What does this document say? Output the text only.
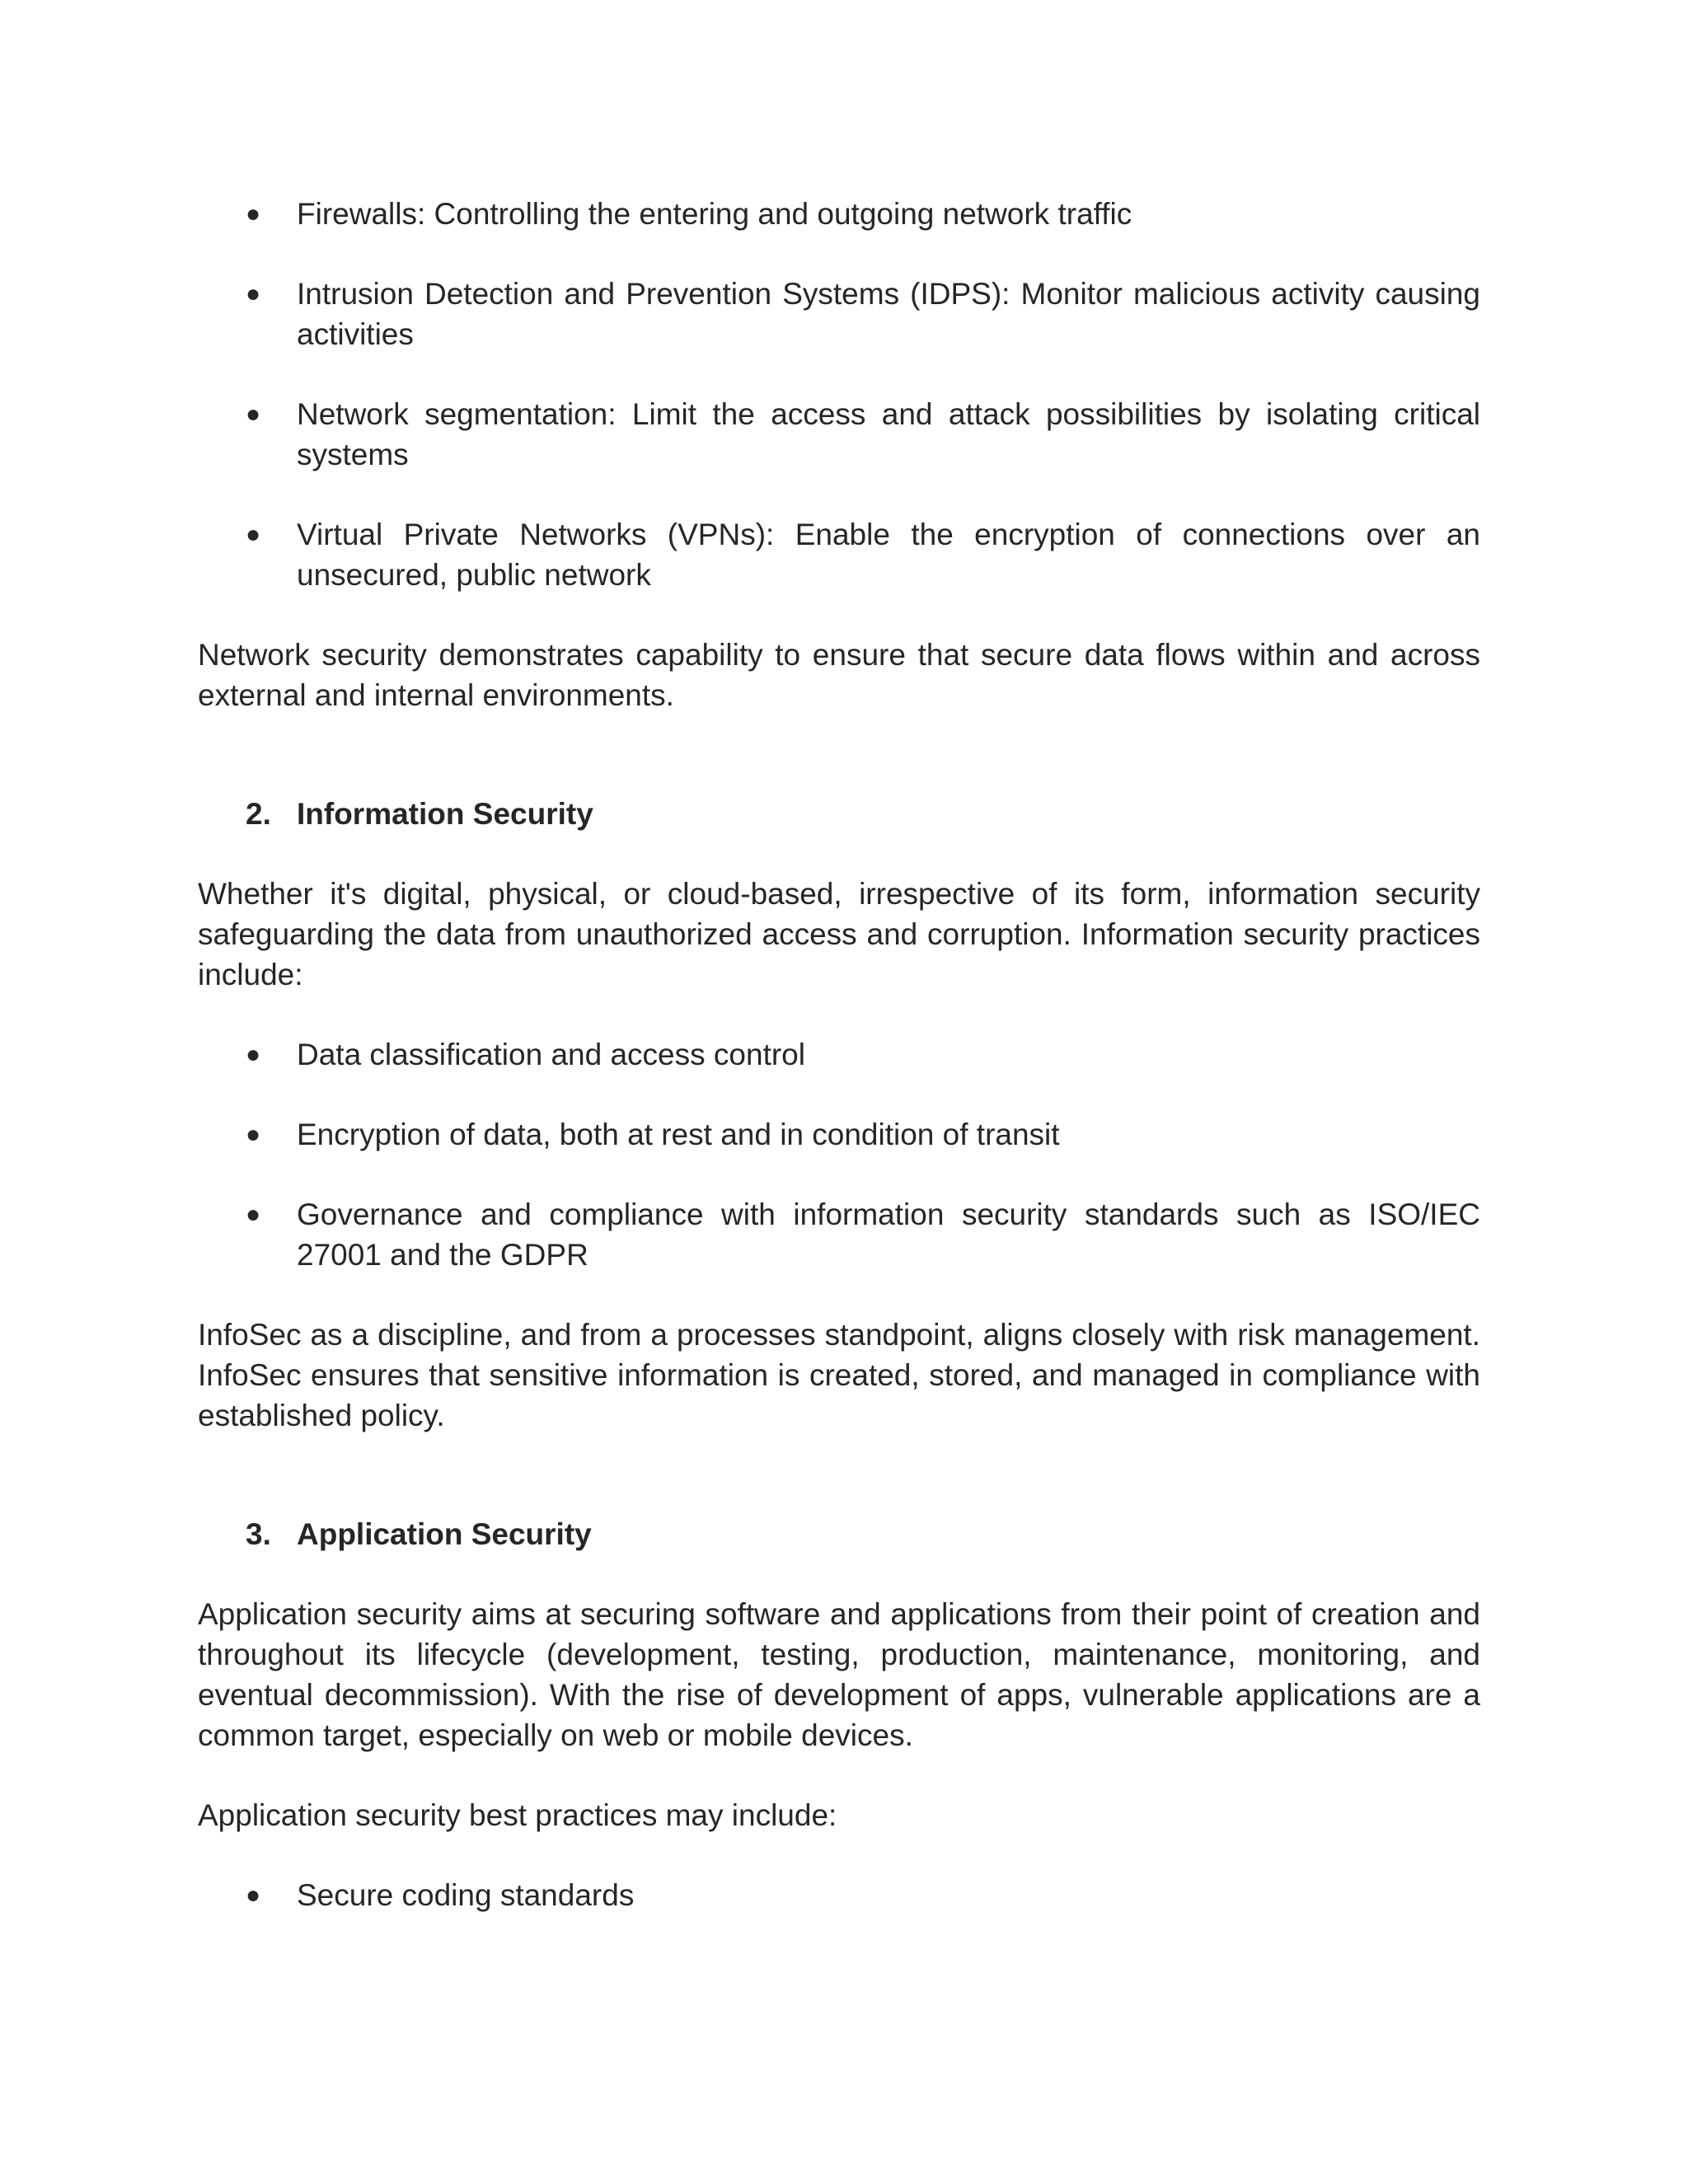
● Firewalls: Controlling the entering and outgoing network traffic
● Intrusion Detection and Prevention Systems (IDPS): Monitor malicious activity causing activities
● Network segmentation: Limit the access and attack possibilities by isolating critical systems
● Virtual Private Networks (VPNs): Enable the encryption of connections over an unsecured, public network

Network security demonstrates capability to ensure that secure data flows within and across external and internal environments.

2. Information Security

Whether it's digital, physical, or cloud-based, irrespective of its form, information security safeguarding the data from unauthorized access and corruption. Information security practices include:

● Data classification and access control
● Encryption of data, both at rest and in condition of transit
● Governance and compliance with information security standards such as ISO/IEC 27001 and the GDPR

InfoSec as a discipline, and from a processes standpoint, aligns closely with risk management. InfoSec ensures that sensitive information is created, stored, and managed in compliance with established policy.

3. Application Security

Application security aims at securing software and applications from their point of creation and throughout its lifecycle (development, testing, production, maintenance, monitoring, and eventual decommission). With the rise of development of apps, vulnerable applications are a common target, especially on web or mobile devices.

Application security best practices may include:

● Secure coding standards
